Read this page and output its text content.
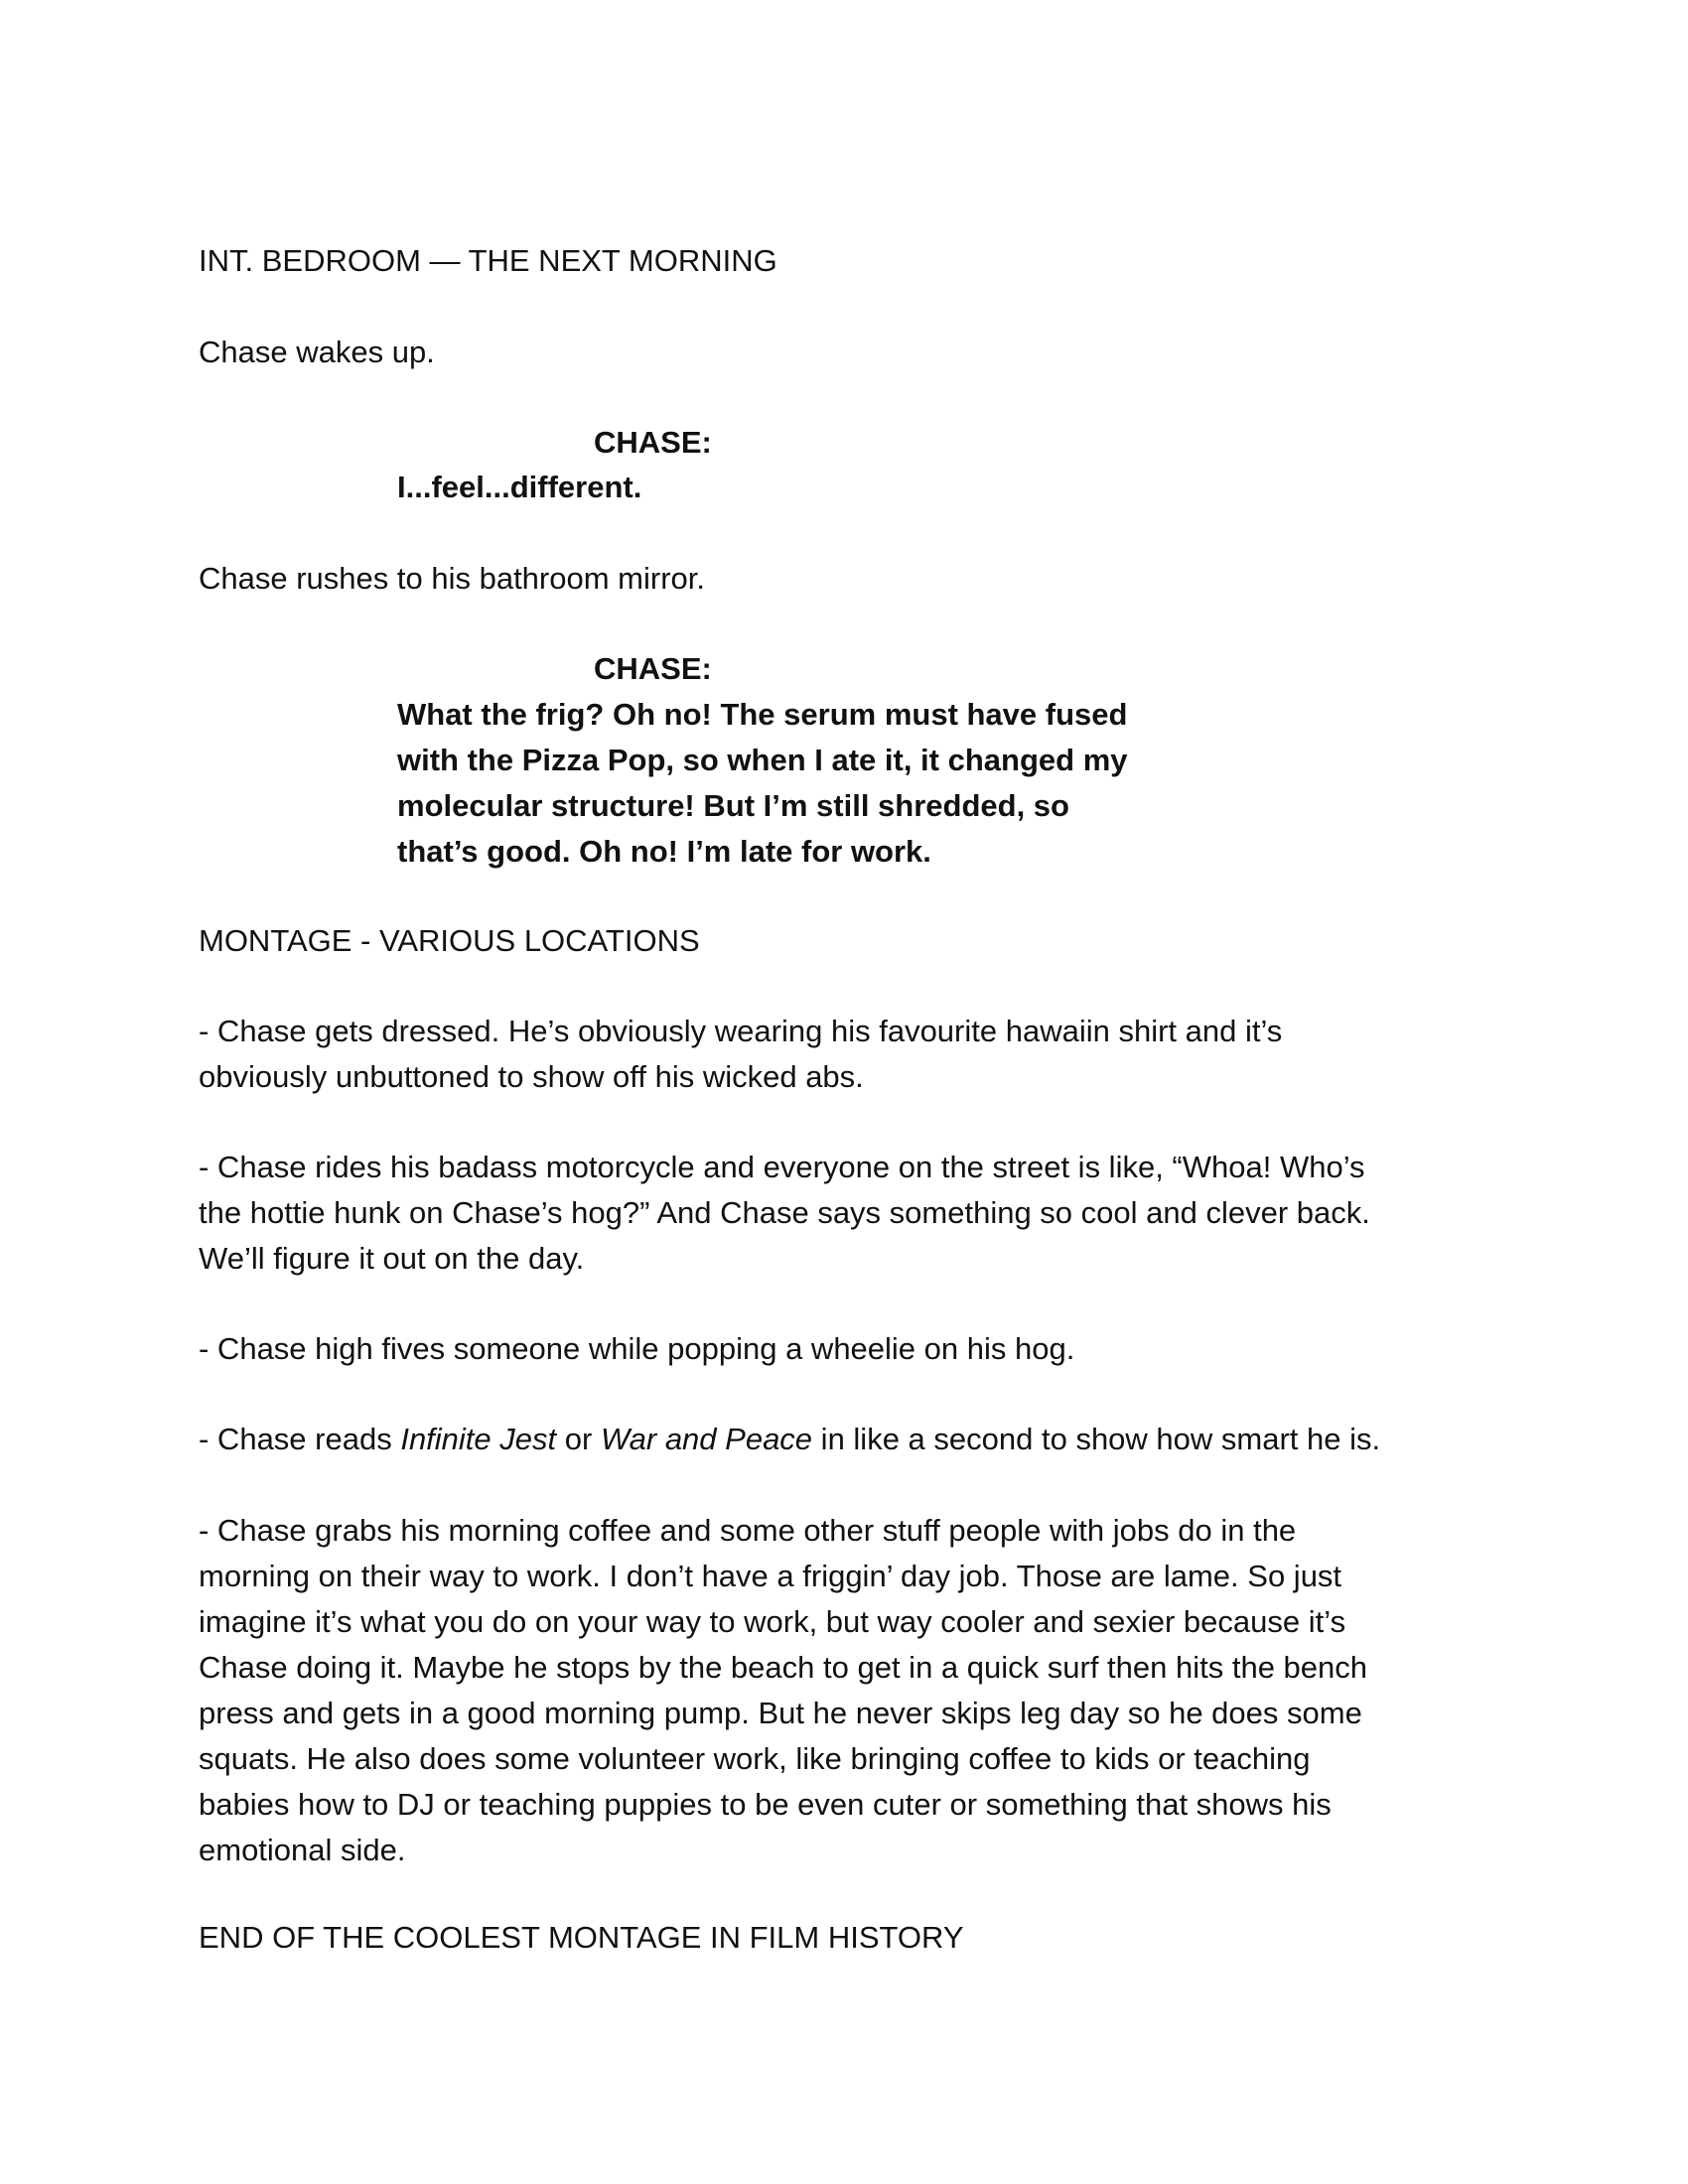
INT. BEDROOM — THE NEXT MORNING
Chase wakes up.
CHASE:
I...feel...different.
Chase rushes to his bathroom mirror.
CHASE:
What the frig? Oh no! The serum must have fused
with the Pizza Pop, so when I ate it, it changed my
molecular structure! But I’m still shredded, so
that’s good. Oh no! I’m late for work.
MONTAGE - VARIOUS LOCATIONS
- Chase gets dressed. He’s obviously wearing his favourite hawaiin shirt and it’s
obviously unbuttoned to show off his wicked abs.
- Chase rides his badass motorcycle and everyone on the street is like, “Whoa! Who’s
the hottie hunk on Chase’s hog?” And Chase says something so cool and clever back.
We’ll figure it out on the day.
- Chase high fives someone while popping a wheelie on his hog.
- Chase reads Infinite Jest or War and Peace in like a second to show how smart he is.
- Chase grabs his morning coffee and some other stuff people with jobs do in the
morning on their way to work. I don’t have a friggin’ day job. Those are lame. So just
imagine it’s what you do on your way to work, but way cooler and sexier because it’s
Chase doing it. Maybe he stops by the beach to get in a quick surf then hits the bench
press and gets in a good morning pump. But he never skips leg day so he does some
squats. He also does some volunteer work, like bringing coffee to kids or teaching
babies how to DJ or teaching puppies to be even cuter or something that shows his
emotional side.
END OF THE COOLEST MONTAGE IN FILM HISTORY
